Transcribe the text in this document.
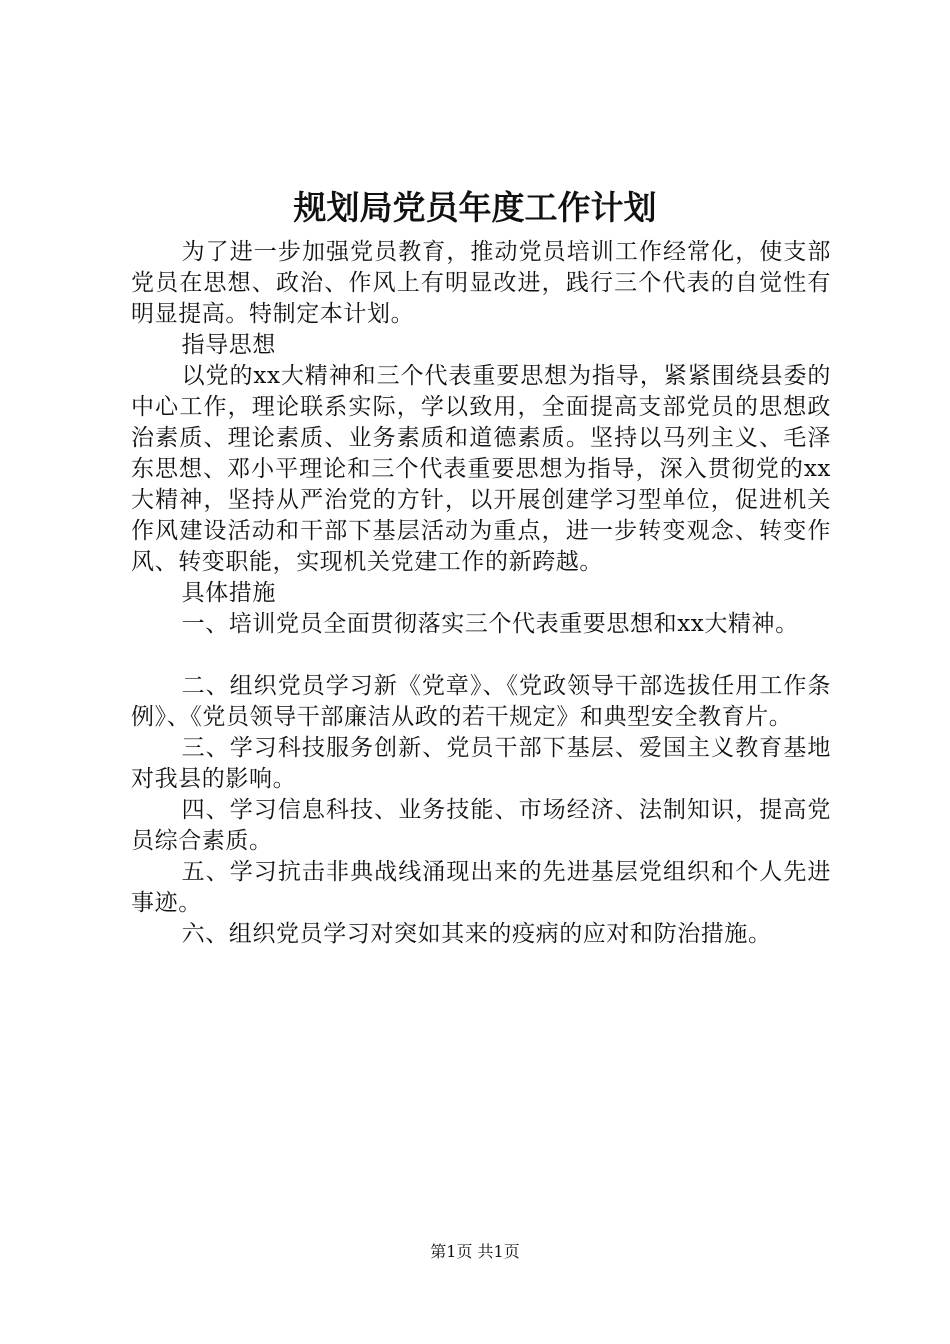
规划局党员年度工作计划

为了进一步加强党员教育，推动党员培训工作经常化，使支部党员在思想、政治、作风上有明显改进，践行三个代表的自觉性有明显提高。特制定本计划。

指导思想

以党的xx大精神和三个代表重要思想为指导，紧紧围绕县委的中心工作，理论联系实际，学以致用，全面提高支部党员的思想政治素质、理论素质、业务素质和道德素质。坚持以马列主义、毛泽东思想、邓小平理论和三个代表重要思想为指导，深入贯彻党的xx大精神，坚持从严治党的方针，以开展创建学习型单位，促进机关作风建设活动和干部下基层活动为重点，进一步转变观念、转变作风、转变职能，实现机关党建工作的新跨越。

具体措施

一、培训党员全面贯彻落实三个代表重要思想和xx大精神。

二、组织党员学习新《党章》、《党政领导干部选拔任用工作条例》、《党员领导干部廉洁从政的若干规定》和典型安全教育片。

三、学习科技服务创新、党员干部下基层、爱国主义教育基地对我县的影响。

四、学习信息科技、业务技能、市场经济、法制知识，提高党员综合素质。

五、学习抗击非典战线涌现出来的先进基层党组织和个人先进事迹。

六、组织党员学习对突如其来的疫病的应对和防治措施。

第1页 共1页
